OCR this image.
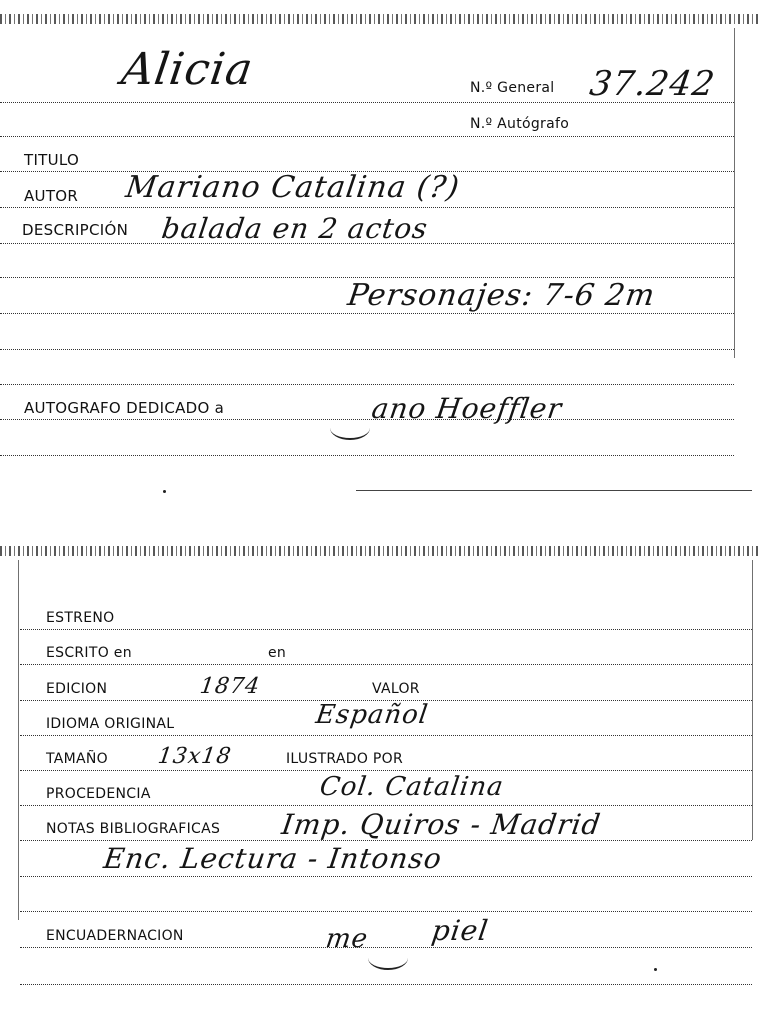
Alicia	N.º General 37.242
N.º Autógrafo
TITULO
AUTOR Mariano Catalina (?)
DESCRIPCIÓN balada en 2 actos
Personajes: 7-6 2m
AUTOGRAFO DEDICADO a	ano Hoeffler
ESTRENO
ESCRITO en	en
EDICION	1874	VALOR
IDIOMA ORIGINAL	Español
TAMAÑO 13x18	ILUSTRADO POR
PROCEDENCIA	Col. Catalina
NOTAS BIBLIOGRAFICAS Imp. Quiros - Madrid
Enc. Lectura - Intonso
ENCUADERNACION	me piel
